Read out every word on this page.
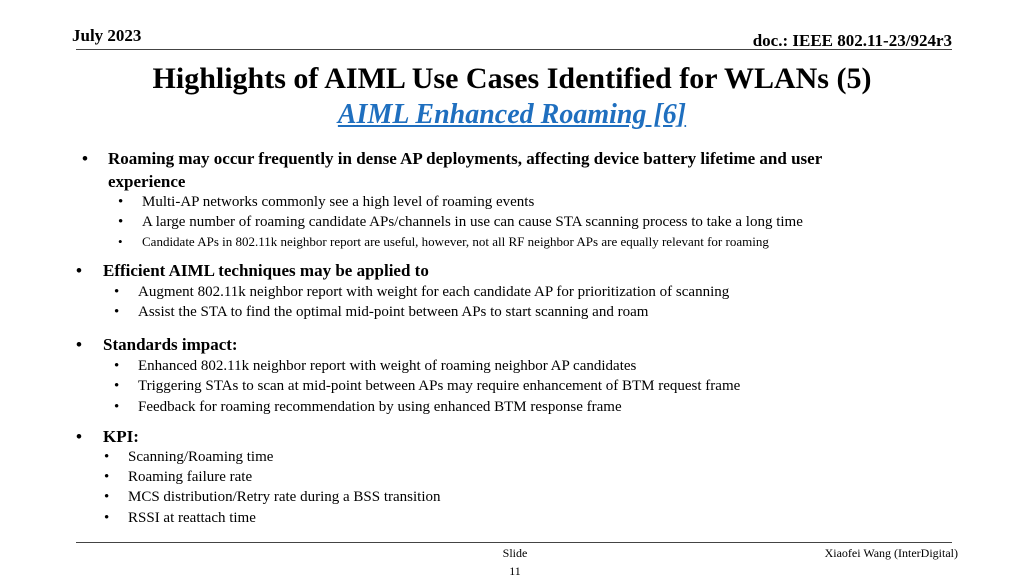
July 2023	doc.: IEEE 802.11-23/924r3
Highlights of AIML Use Cases Identified for WLANs (5)
AIML Enhanced Roaming [6]
• Roaming may occur frequently in dense AP deployments, affecting device battery lifetime and user
experience
• Multi-AP networks commonly see a high level of roaming events
• A large number of roaming candidate APs/channels in use can cause STA scanning process to take a long time
• Candidate APs in 802.11k neighbor report are useful, however, not all RF neighbor APs are equally relevant for roaming
• Efficient AIML techniques may be applied to
• Augment 802.11k neighbor report with weight for each candidate AP for prioritization of scanning
• Assist the STA to find the optimal mid-point between APs to start scanning and roam
• Standards impact:
• Enhanced 802.11k neighbor report with weight of roaming neighbor AP candidates
• Triggering STAs to scan at mid-point between APs may require enhancement of BTM request frame
• Feedback for roaming recommendation by using enhanced BTM response frame
• KPI:
• Scanning/Roaming time
• Roaming failure rate
• MCS distribution/Retry rate during a BSS transition
• RSSI at reattach time
Slide
11
Xiaofei Wang (InterDigital)
